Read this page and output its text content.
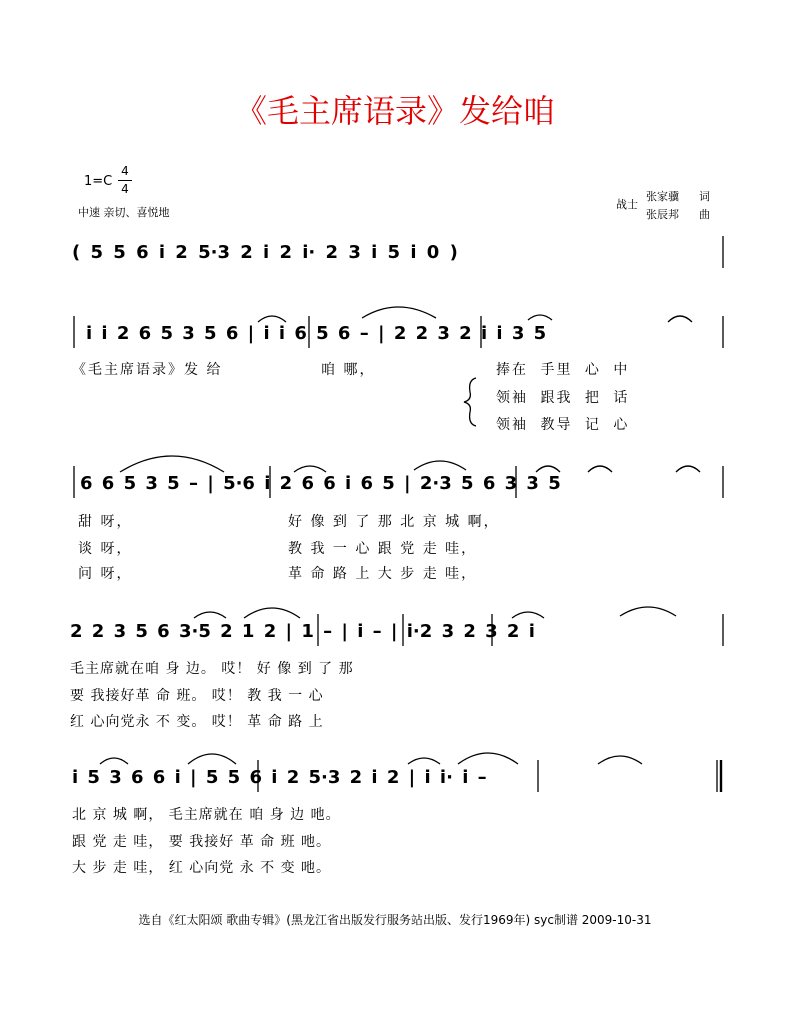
《毛主席语录》发给咱
1=C
4
4
中速 亲切、喜悦地
战士
张家骥 词
张辰邦 曲
( 5 5 6 i 2 5·3 2 i 2 i· 2 3 i 5 i 0 )
i i 2 6 5 3 5 6 | i i 6 5 6 – | 2 2 3 2 i i 3 5
6 6 5 3 5 – | 5·6 i 2 6 6 i 6 5 | 2·3 5 6 3 3 5
2 2 3 5 6 3·5 2 1 2 | 1 – | i – | i·2 3 2 3 2 i
i 5 3 6 6 i | 5 5 6 i 2 5·3 2 i 2 | i i· i –
《毛主席语录》发 给	咱 哪，	捧在 手里 心 中
领袖 跟我 把 话
领袖 教导 记 心
甜 呀，
谈 呀，
问 呀，
好 像 到 了 那 北 京 城 啊，
教 我 一 心 跟 党 走 哇，
革 命 路 上 大 步 走 哇，
毛主席就在咱 身 边。 哎！ 好 像 到 了 那
要 我接好革 命 班。 哎！ 教 我 一 心
红 心向党永 不 变。 哎！ 革 命 路 上
北 京 城 啊， 毛主席就在 咱 身 边 吔。
跟 党 走 哇， 要 我接好 革 命 班 吔。
大 步 走 哇， 红 心向党 永 不 变 吔。
选自《红太阳颂 歌曲专辑》(黑龙江省出版发行服务站出版、发行1969年) syc制谱 2009-10-31
